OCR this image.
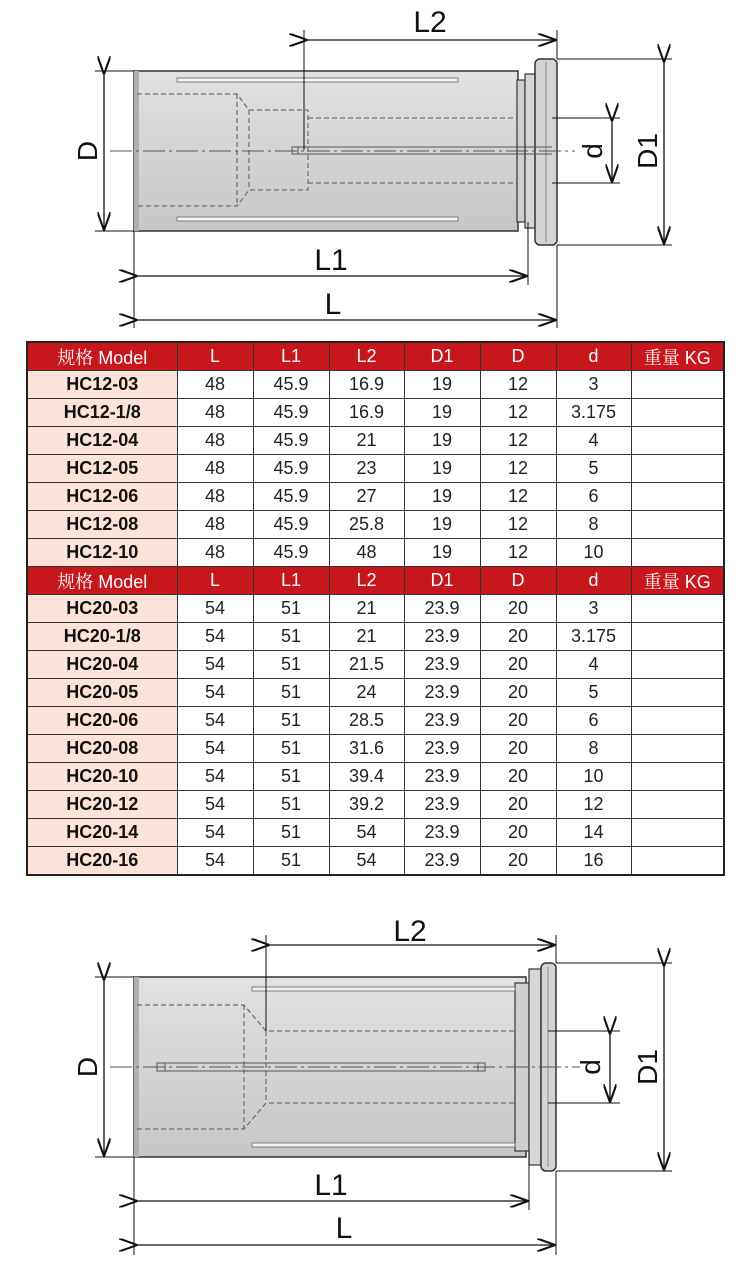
L2
L1
L
D	D1
d
规格 Model	L	L1	L2	D1	D	d	重量 KG
HC12-03	48	45.9	16.9	19	12	3	
HC12-1/8	48	45.9	16.9	19	12	3.175	
HC12-04	48	45.9	21	19	12	4	
HC12-05	48	45.9	23	19	12	5	
HC12-06	48	45.9	27	19	12	6	
HC12-08	48	45.9	25.8	19	12	8	
HC12-10	48	45.9	48	19	12	10	
规格 Model	L	L1	L2	D1	D	d	重量 KG
HC20-03	54	51	21	23.9	20	3	
HC20-1/8	54	51	21	23.9	20	3.175	
HC20-04	54	51	21.5	23.9	20	4	
HC20-05	54	51	24	23.9	20	5	
HC20-06	54	51	28.5	23.9	20	6	
HC20-08	54	51	31.6	23.9	20	8	
HC20-10	54	51	39.4	23.9	20	10	
HC20-12	54	51	39.2	23.9	20	12	
HC20-14	54	51	54	23.9	20	14	
HC20-16	54	51	54	23.9	20	16	
L2
L1
L
D	D1
d
